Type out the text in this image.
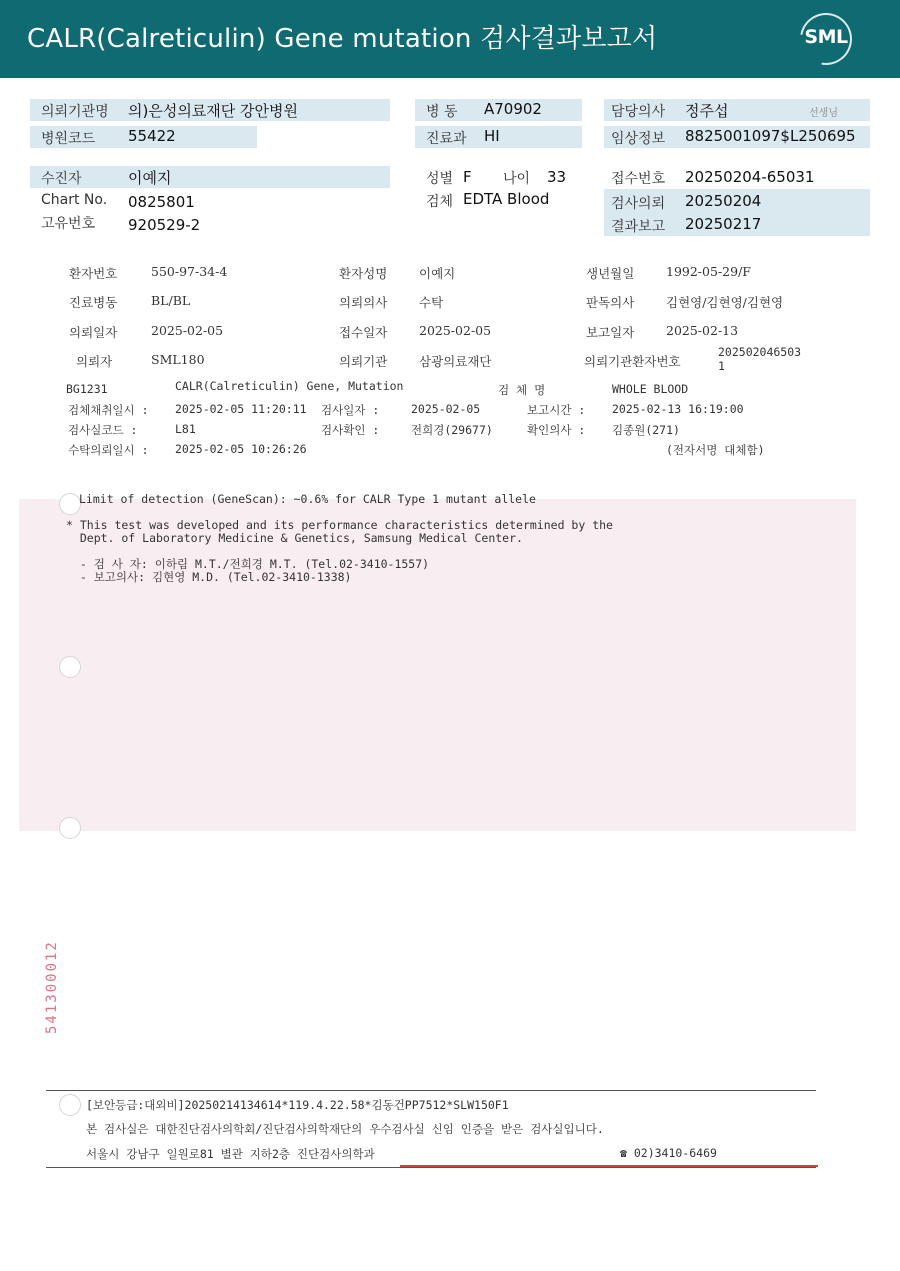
CALR(Calreticulin) Gene mutation 검사결과보고서	SML
의뢰기관명 의)은성의료재단 강안병원
병원코드 55422
병 동 A70902
진료과 HI
담당의사 정주섭	선생님
임상정보 8825001097$L250695
수진자	이예지
Chart No. 0825801
고유번호 920529-2
성별 F 나이 33
검체 EDTA Blood
접수번호 20250204-65031
검사의뢰 20250204
결과보고 20250217
환자번호	550-97-34-4	환자성명	이예지	생년월일	1992-05-29/F
진료병동	BL/BL	의뢰의사	수탁	판독의사	김현영/김현영/김현영
의뢰일자	2025-02-05	접수일자	2025-02-05	보고일자	2025-02-13
의뢰자	SML180	의뢰기관	삼광의료재단	의뢰기관환자번호
202502046503
1
BG1231	CALR(Calreticulin) Gene, Mutation	검 체 명	WHOLE BLOOD
검체채취일시 : 2025-02-05 11:20:11 검사일자 :	2025-02-05	보고시간 : 2025-02-13 16:19:00
검사실코드 :	L81	검사확인 :	전희경(29677)	확인의사 : 김종원(271)
수탁의뢰일시 : 2025-02-05 10:26:26	(전자서명 대체함)
Limit of detection (GeneScan): ~0.6% for CALR Type 1 mutant allele
* This test was developed and its performance characteristics determined by the
Dept. of Laboratory Medicine & Genetics, Samsung Medical Center.
- 검 사 자: 이하림 M.T./전희경 M.T. (Tel.02-3410-1557)
- 보고의사: 김현영 M.D. (Tel.02-3410-1338)
541300012
[보안등급:대외비]20250214134614*119.4.22.58*김동건PP7512*SLW150F1
본 검사실은 대한진단검사의학회/진단검사의학재단의 우수검사실 신임 인증을 받은 검사실입니다.
서울시 강남구 일원로81 별관 지하2층 진단검사의학과	☎ 02)3410-6469
